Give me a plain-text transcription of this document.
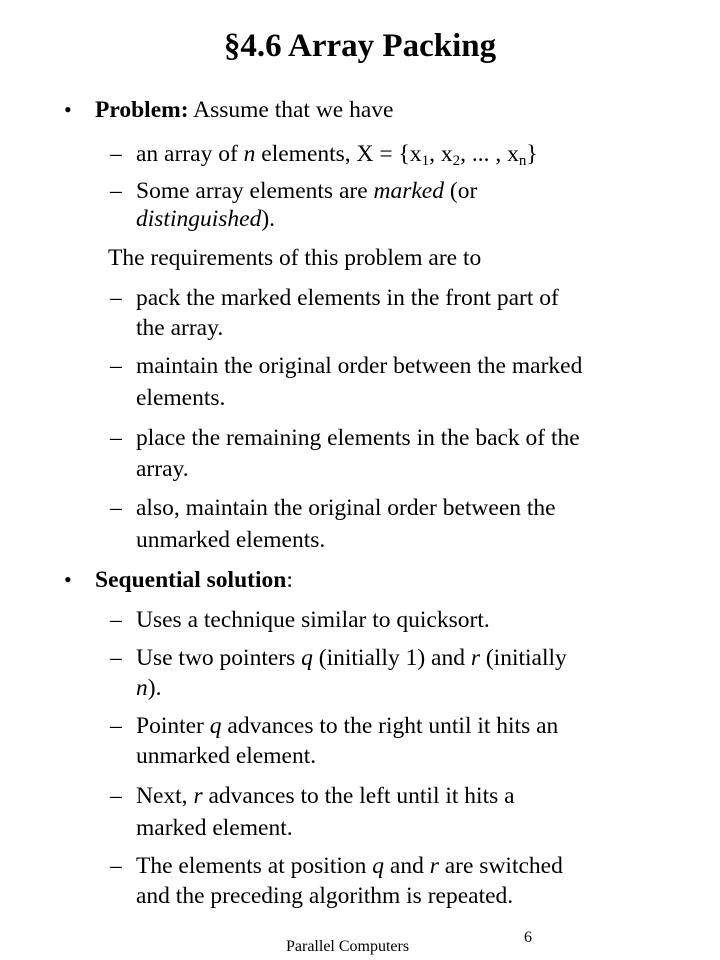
§4.6 Array Packing
• Problem: Assume that we have
– an array of n elements, $X = \{x_1$, $x_2$, ... , $x_n$}
– Some array elements are marked (or
distinguished).
The requirements of this problem are to
– pack the marked elements in the front part of
the array.
– maintain the original order between the marked
elements.
– place the remaining elements in the back of the
array.
– also, maintain the original order between the
unmarked elements.
• Sequential solution:
– Uses a technique similar to quicksort.
– Use two pointers q (initially 1) and r (initially
n).
– Pointer q advances to the right until it hits an
unmarked element.
– Next, r advances to the left until it hits a
marked element.
– The elements at position q and r are switched
and the preceding algorithm is repeated.
Parallel Computers
6
